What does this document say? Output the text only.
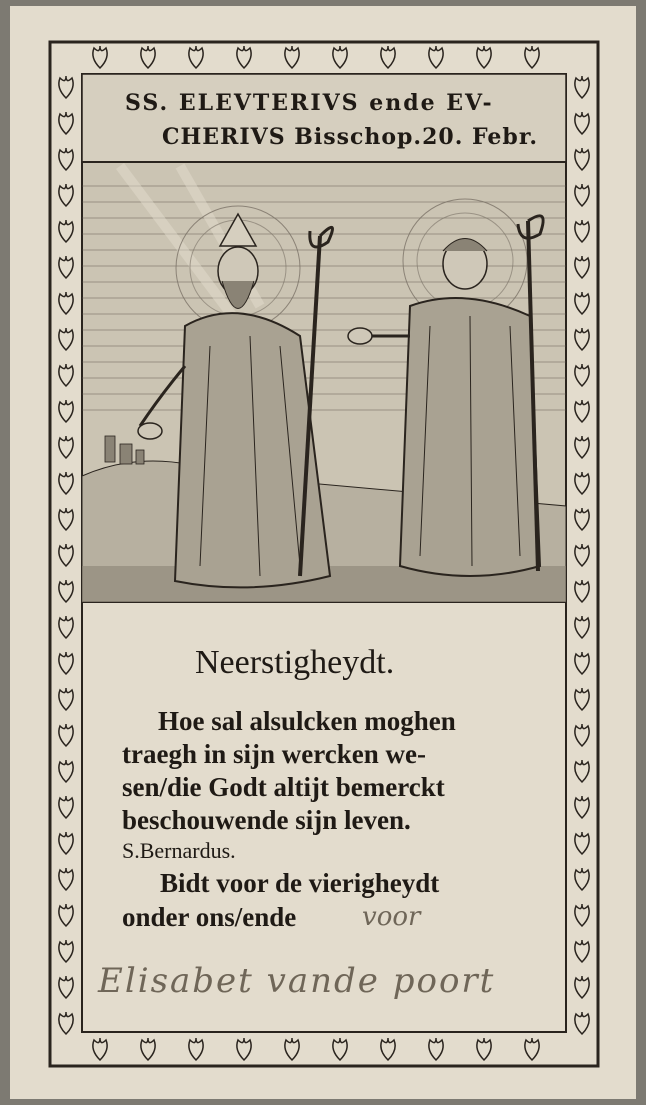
SS. ELEVTERIVS ende EV-
CHERIVS Bisschop.20. Febr.
Neerstigheydt.
Hoe sal alsulcken moghen
traegh in sijn wercken we-
sen/die Godt altijt bemerckt
beschouwende sijn leven.
S.Bernardus.
Bidt voor de vierigheydt
onder ons/ende	voor
Elisabet vande poort
